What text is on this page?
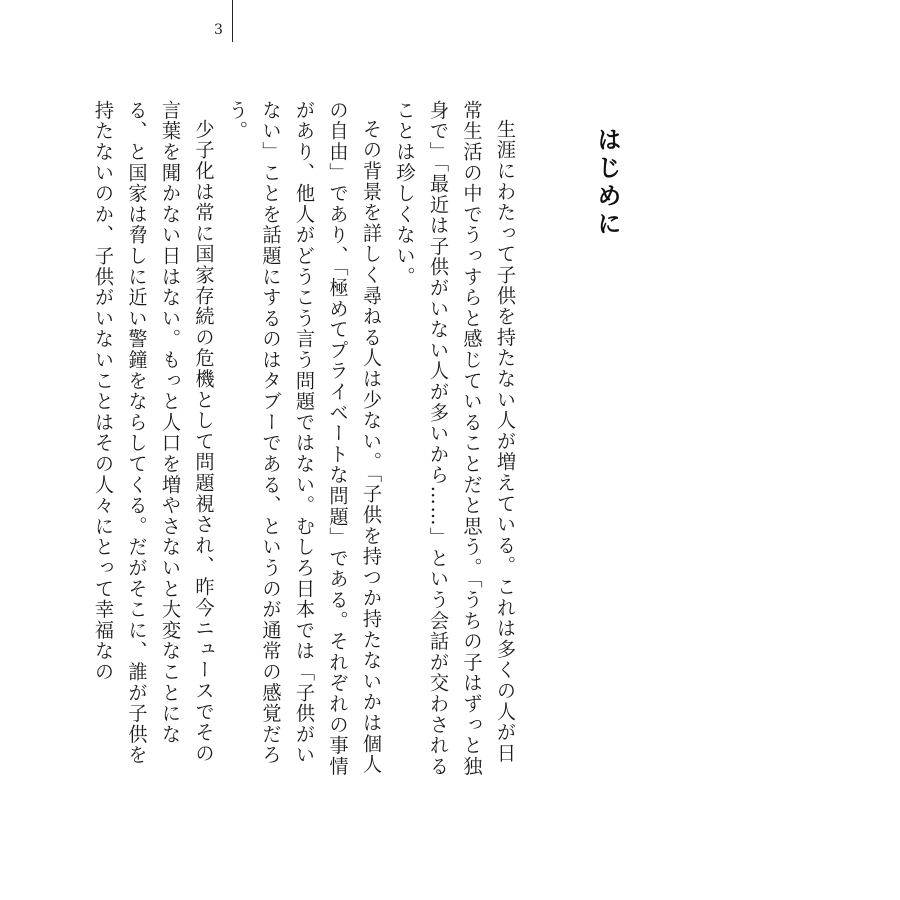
3
はじめに

生涯にわたって子供を持たない人が増えている。これは多くの人が日常生活の中でうっすらと感じていることだと思う。「うちの子はずっと独身で」「最近は子供がいない人が多いから……」という会話が交わされることは珍しくない。

その背景を詳しく尋ねる人は少ない。「子供を持つか持たないかは個人の自由」であり、「極めてプライベートな問題」である。それぞれの事情があり、他人がどうこう言う問題ではない。むしろ日本では「子供がいない」ことを話題にするのはタブーである、というのが通常の感覚だろう。

少子化は常に国家存続の危機として問題視され、昨今ニュースでその言葉を聞かない日はない。もっと人口を増やさないと大変なことになる、と国家は脅しに近い警鐘をならしてくる。だがそこに、誰が子供を持たないのか、子供がいないことはその人々にとって幸福なの
